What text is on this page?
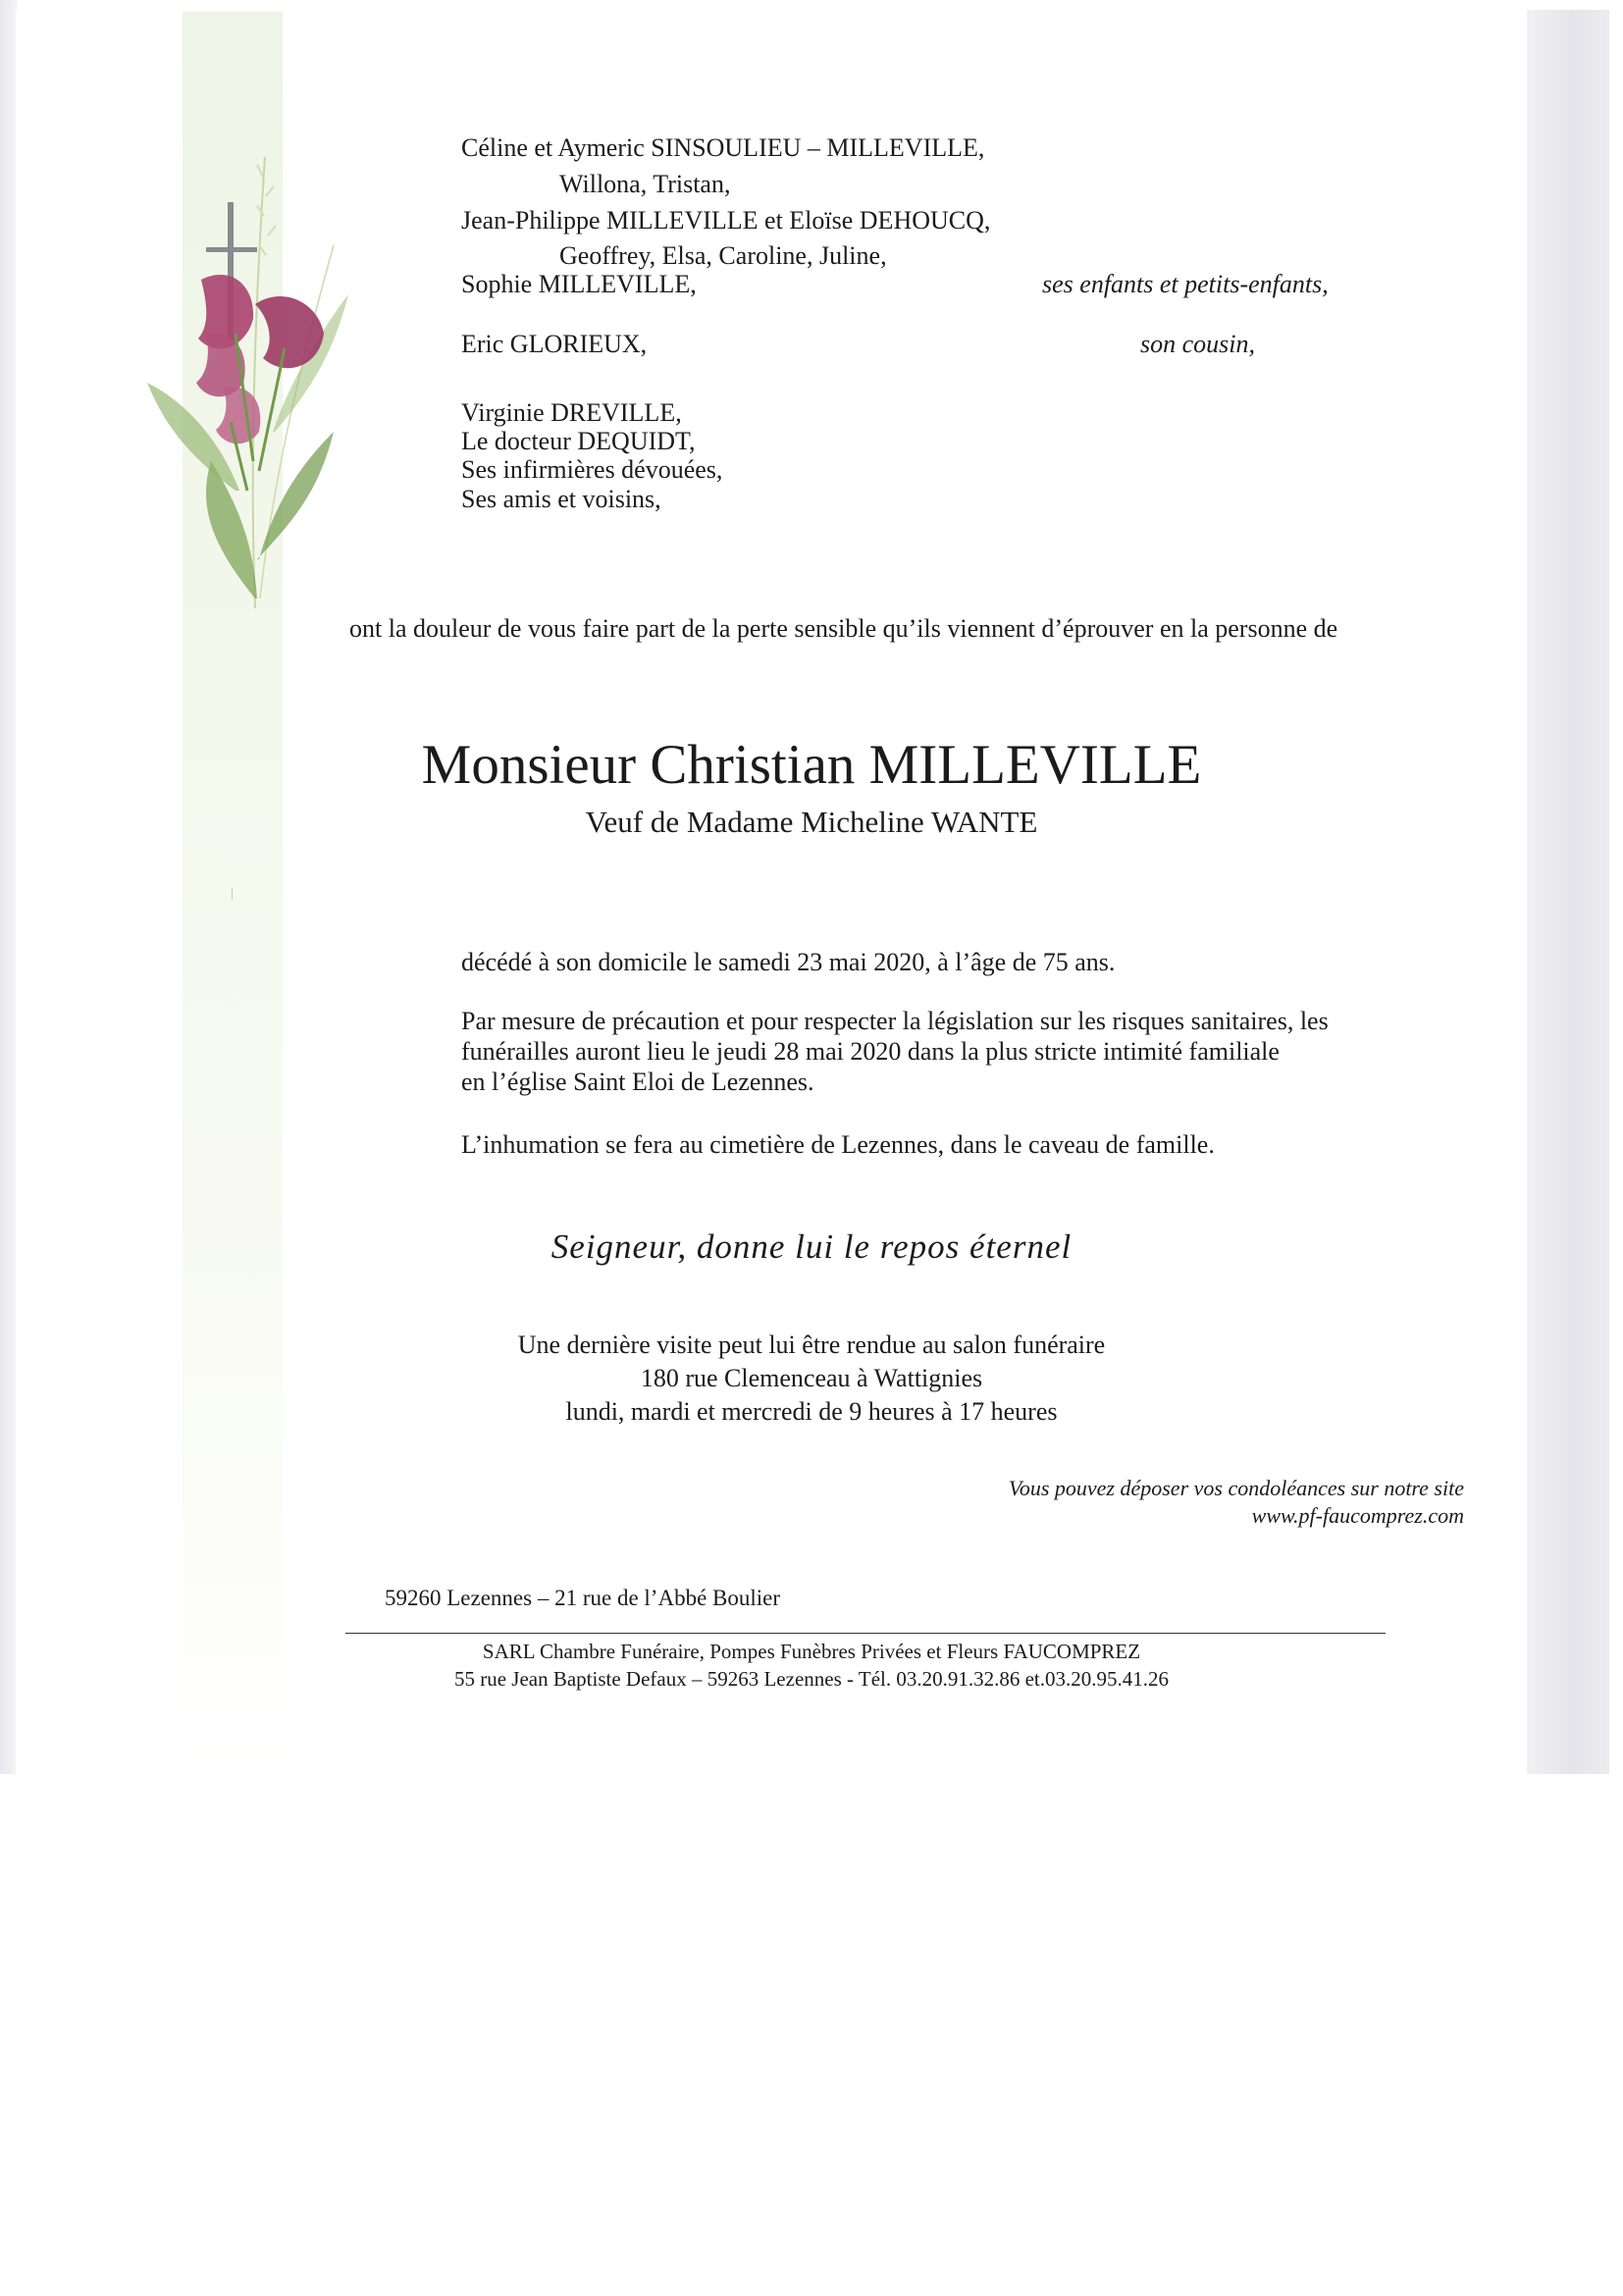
Céline et Aymeric SINSOULIEU – MILLEVILLE,
Willona, Tristan,
Jean-Philippe MILLEVILLE et Eloïse DEHOUCQ,
Geoffrey, Elsa, Caroline, Juline,
Sophie MILLEVILLE,	ses enfants et petits-enfants,
Eric GLORIEUX,	son cousin,
Virginie DREVILLE,
Le docteur DEQUIDT,
Ses infirmières dévouées,
Ses amis et voisins,
ont la douleur de vous faire part de la perte sensible qu’ils viennent d’éprouver en la personne de
Monsieur Christian MILLEVILLE
Veuf de Madame Micheline WANTE
décédé à son domicile le samedi 23 mai 2020, à l’âge de 75 ans.
Par mesure de précaution et pour respecter la législation sur les risques sanitaires, les
funérailles auront lieu le jeudi 28 mai 2020 dans la plus stricte intimité familiale
en l’église Saint Eloi de Lezennes.
L’inhumation se fera au cimetière de Lezennes, dans le caveau de famille.
Seigneur, donne lui le repos éternel
Une dernière visite peut lui être rendue au salon funéraire
180 rue Clemenceau à Wattignies
lundi, mardi et mercredi de 9 heures à 17 heures
Vous pouvez déposer vos condoléances sur notre site
www.pf-faucomprez.com
59260 Lezennes – 21 rue de l’Abbé Boulier
SARL Chambre Funéraire, Pompes Funèbres Privées et Fleurs FAUCOMPREZ
55 rue Jean Baptiste Defaux – 59263 Lezennes - Tél. 03.20.91.32.86 et.03.20.95.41.26
